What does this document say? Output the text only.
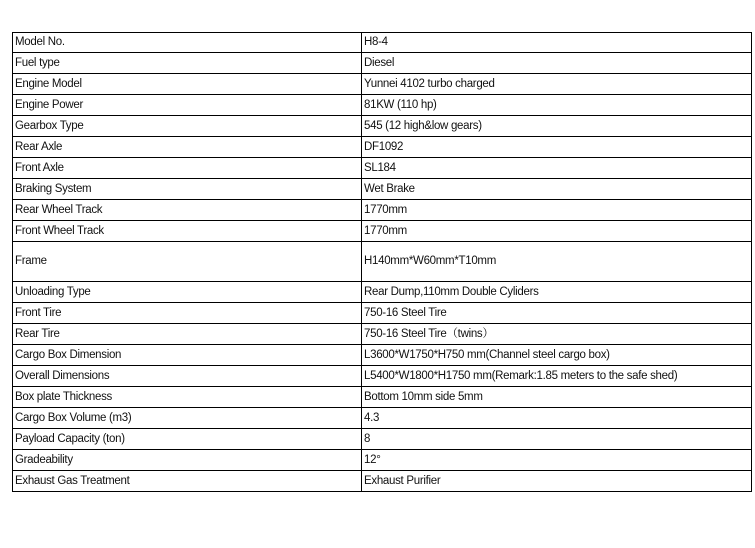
Model No.	H8-4
Fuel type	Diesel
Engine Model	Yunnei 4102 turbo charged
Engine Power	81KW (110 hp)
Gearbox Type	545 (12 high&low gears)
Rear Axle	DF1092
Front Axle	SL184
Braking System	Wet Brake
Rear Wheel Track	1770mm
Front Wheel Track	1770mm
Frame	H140mm*W60mm*T10mm
Unloading Type	Rear Dump,110mm Double Cyliders
Front Tire	750-16 Steel Tire
Rear Tire	750-16 Steel Tire（twins）
Cargo Box Dimension	L3600*W1750*H750 mm(Channel steel cargo box)
Overall Dimensions	L5400*W1800*H1750 mm(Remark:1.85 meters to the safe shed)
Box plate Thickness	Bottom 10mm side 5mm
Cargo Box Volume (m3)	4.3
Payload Capacity (ton)	8
Gradeability	12°
Exhaust Gas Treatment	Exhaust Purifier
